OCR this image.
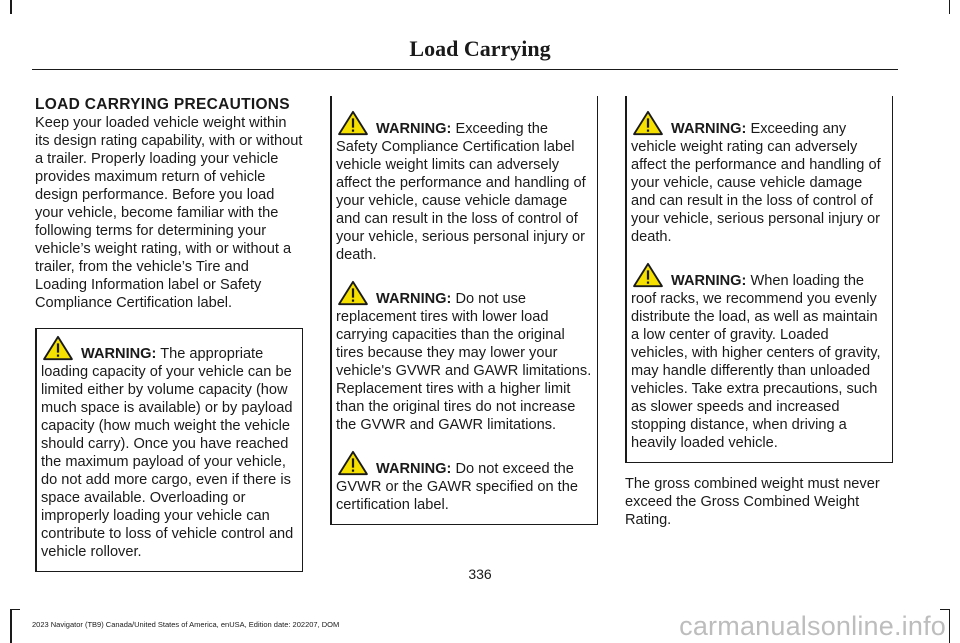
Load Carrying

LOAD CARRYING PRECAUTIONS

Keep your loaded vehicle weight within its design rating capability, with or without a trailer. Properly loading your vehicle provides maximum return of vehicle design performance. Before you load your vehicle, become familiar with the following terms for determining your vehicle’s weight rating, with or without a trailer, from the vehicle’s Tire and Loading Information label or Safety Compliance Certification label.

WARNING: The appropriate loading capacity of your vehicle can be limited either by volume capacity (how much space is available) or by payload capacity (how much weight the vehicle should carry). Once you have reached the maximum payload of your vehicle, do not add more cargo, even if there is space available. Overloading or improperly loading your vehicle can contribute to loss of vehicle control and vehicle rollover.

WARNING: Exceeding the Safety Compliance Certification label vehicle weight limits can adversely affect the performance and handling of your vehicle, cause vehicle damage and can result in the loss of control of your vehicle, serious personal injury or death.

WARNING: Do not use replacement tires with lower load carrying capacities than the original tires because they may lower your vehicle's GVWR and GAWR limitations. Replacement tires with a higher limit than the original tires do not increase the GVWR and GAWR limitations.

WARNING: Do not exceed the GVWR or the GAWR specified on the certification label.

WARNING: Exceeding any vehicle weight rating can adversely affect the performance and handling of your vehicle, cause vehicle damage and can result in the loss of control of your vehicle, serious personal injury or death.

WARNING: When loading the roof racks, we recommend you evenly distribute the load, as well as maintain a low center of gravity. Loaded vehicles, with higher centers of gravity, may handle differently than unloaded vehicles. Take extra precautions, such as slower speeds and increased stopping distance, when driving a heavily loaded vehicle.

The gross combined weight must never exceed the Gross Combined Weight Rating.

336
2023 Navigator (TB9) Canada/United States of America, enUSA, Edition date: 202207, DOM	carmanualsonline.info
